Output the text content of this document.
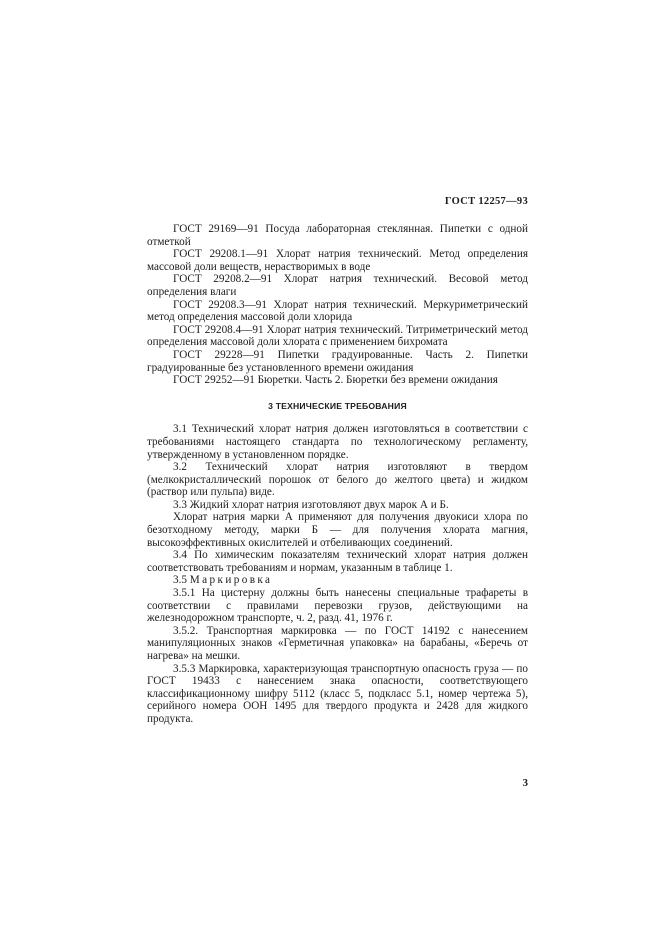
ГОСТ 12257—93

ГОСТ 29169—91 Посуда лабораторная стеклянная. Пипетки с одной отметкой

ГОСТ 29208.1—91 Хлорат натрия технический. Метод определения массовой доли веществ, нерастворимых в воде

ГОСТ 29208.2—91 Хлорат натрия технический. Весовой метод определения влаги

ГОСТ 29208.3—91 Хлорат натрия технический. Меркуриметрический метод определения массовой доли хлорида

ГОСТ 29208.4—91 Хлорат натрия технический. Титриметрический метод определения массовой доли хлората с применением бихромата

ГОСТ 29228—91 Пипетки градуированные. Часть 2. Пипетки градуированные без установленного времени ожидания

ГОСТ 29252—91 Бюретки. Часть 2. Бюретки без времени ожидания

3 ТЕХНИЧЕСКИЕ ТРЕБОВАНИЯ

3.1 Технический хлорат натрия должен изготовляться в соответствии с требованиями настоящего стандарта по технологическому регламенту, утвержденному в установленном порядке.

3.2 Технический хлорат натрия изготовляют в твердом (мелкокристаллический порошок от белого до желтого цвета) и жидком (раствор или пульпа) виде.

3.3 Жидкий хлорат натрия изготовляют двух марок А и Б.

Хлорат натрия марки А применяют для получения двуокиси хлора по безотходному методу, марки Б — для получения хлората магния, высокоэффективных окислителей и отбеливающих соединений.

3.4 По химическим показателям технический хлорат натрия должен соответствовать требованиям и нормам, указанным в таблице 1.

3.5 Маркировка

3.5.1 На цистерну должны быть нанесены специальные трафареты в соответствии с правилами перевозки грузов, действующими на железнодорожном транспорте, ч. 2, разд. 41, 1976 г.

3.5.2. Транспортная маркировка — по ГОСТ 14192 с нанесением манипуляционных знаков «Герметичная упаковка» на барабаны, «Беречь от нагрева» на мешки.

3.5.3 Маркировка, характеризующая транспортную опасность груза — по ГОСТ 19433 с нанесением знака опасности, соответствующего классификационному шифру 5112 (класс 5, подкласс 5.1, номер чертежа 5), серийного номера ООН 1495 для твердого продукта и 2428 для жидкого продукта.

3
